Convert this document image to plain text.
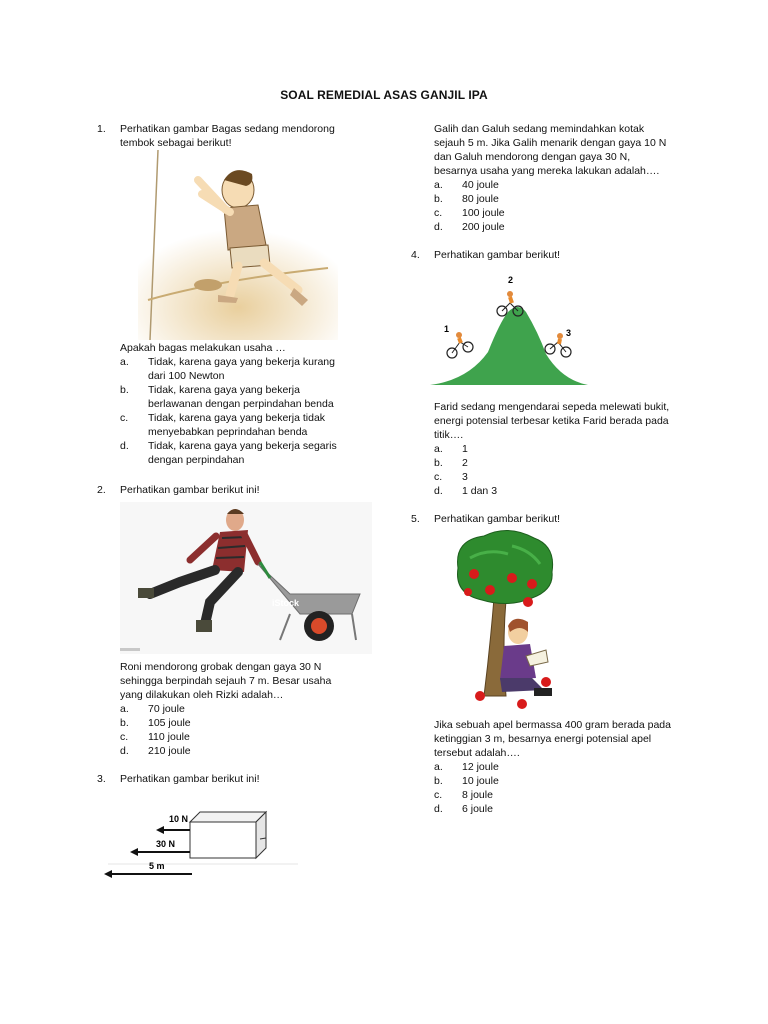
SOAL REMEDIAL ASAS GANJIL IPA
1. Perhatikan gambar Bagas sedang mendorong tembok sebagai berikut!
Apakah bagas melakukan usaha …
a.	Tidak, karena gaya yang bekerja kurang dari 100 Newton
b.	Tidak, karena gaya yang bekerja berlawanan dengan perpindahan benda
c.	Tidak, karena gaya yang bekerja tidak menyebabkan peprindahan benda
d.	Tidak, karena gaya yang bekerja segaris dengan perpindahan
2. Perhatikan gambar berikut ini!
iStock
Roni mendorong grobak dengan gaya 30 N sehingga berpindah sejauh 7 m. Besar usaha yang dilakukan oleh Rizki adalah…
a.	70 joule
b.	105 joule
c.	110 joule
d.	210 joule
3. Perhatikan gambar berikut ini!
10 N
30 N
5 m
Galih dan Galuh sedang memindahkan kotak sejauh 5 m. Jika Galih menarik dengan gaya 10 N dan Galuh mendorong dengan gaya 30 N, besarnya usaha yang mereka lakukan adalah….
a.	40 joule
b.	80 joule
c.	100 joule
d.	200 joule
4. Perhatikan gambar berikut!
2
1	3
Farid sedang mengendarai sepeda melewati bukit, energi potensial terbesar ketika Farid berada pada titik….
a.	1
b.	2
c.	3
d.	1 dan 3
5. Perhatikan gambar berikut!
Jika sebuah apel bermassa 400 gram berada pada ketinggian 3 m, besarnya energi potensial apel tersebut adalah….
a.	12 joule
b.	10 joule
c.	8 joule
d.	6 joule
